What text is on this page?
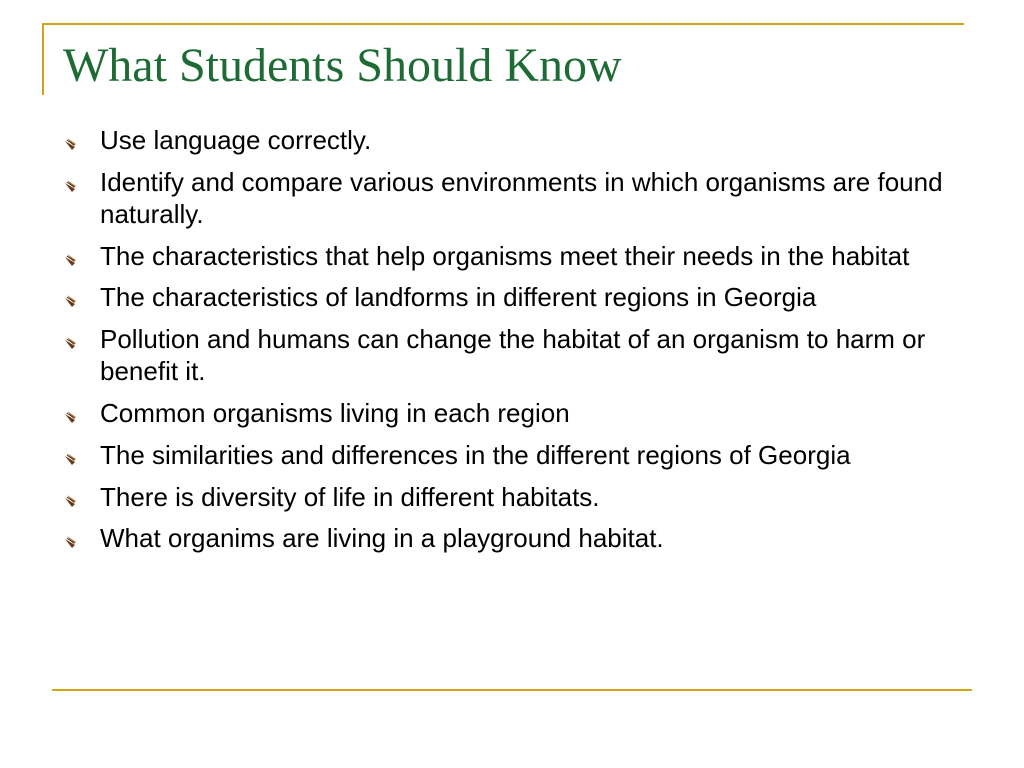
What Students Should Know
Use language correctly.
Identify and compare various environments in which organisms are found naturally.
The characteristics that help organisms meet their needs in the habitat
The characteristics of landforms in different regions in Georgia
Pollution and humans can change the habitat of an organism to harm or benefit it.
Common organisms living in each region
The similarities and differences in the different regions of Georgia
There is diversity of life in different habitats.
What organims are living in a playground habitat.
